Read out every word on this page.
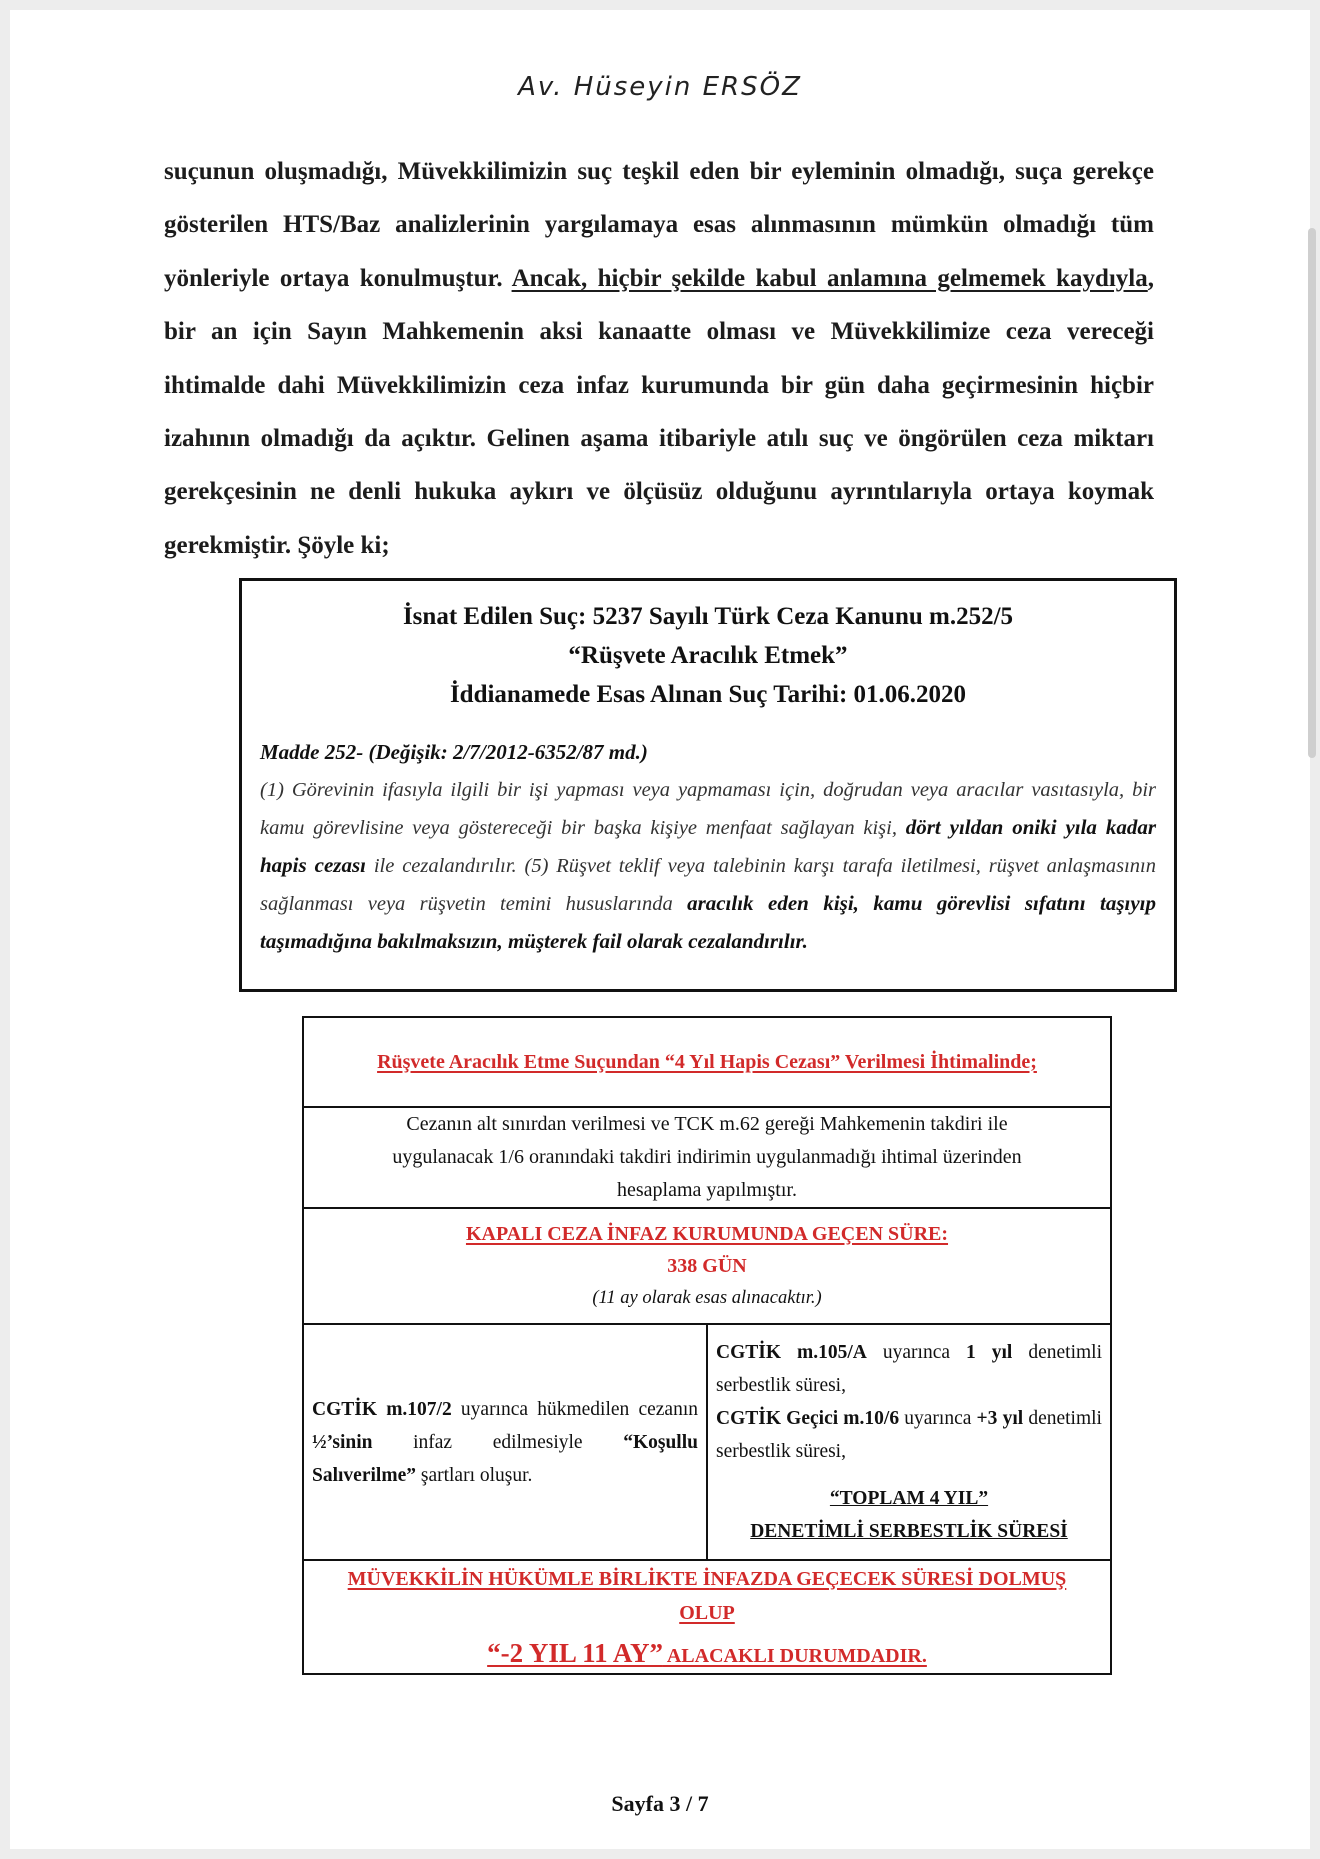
Av. Hüseyin ERSÖZ
suçunun oluşmadığı, Müvekkilimizin suç teşkil eden bir eyleminin olmadığı, suça gerekçe gösterilen HTS/Baz analizlerinin yargılamaya esas alınmasının mümkün olmadığı tüm yönleriyle ortaya konulmuştur. Ancak, hiçbir şekilde kabul anlamına gelmemek kaydıyla, bir an için Sayın Mahkemenin aksi kanaatte olması ve Müvekkilimize ceza vereceği ihtimalde dahi Müvekkilimizin ceza infaz kurumunda bir gün daha geçirmesinin hiçbir izahının olmadığı da açıktır. Gelinen aşama itibariyle atılı suç ve öngörülen ceza miktarı gerekçesinin ne denli hukuka aykırı ve ölçüsüz olduğunu ayrıntılarıyla ortaya koymak gerekmiştir. Şöyle ki;
İsnat Edilen Suç: 5237 Sayılı Türk Ceza Kanunu m.252/5
“Rüşvete Aracılık Etmek”
İddianamede Esas Alınan Suç Tarihi: 01.06.2020
Madde 252- (Değişik: 2/7/2012-6352/87 md.)
(1) Görevinin ifasıyla ilgili bir işi yapması veya yapmaması için, doğrudan veya aracılar vasıtasıyla, bir kamu görevlisine veya göstereceği bir başka kişiye menfaat sağlayan kişi, dört yıldan oniki yıla kadar hapis cezası ile cezalandırılır. (5) Rüşvet teklif veya talebinin karşı tarafa iletilmesi, rüşvet anlaşmasının sağlanması veya rüşvetin temini hususlarında aracılık eden kişi, kamu görevlisi sıfatını taşıyıp taşımadığına bakılmaksızın, müşterek fail olarak cezalandırılır.
Rüşvete Aracılık Etme Suçundan “4 Yıl Hapis Cezası” Verilmesi İhtimalinde;
Cezanın alt sınırdan verilmesi ve TCK m.62 gereği Mahkemenin takdiri ile uygulanacak 1/6 oranındaki takdiri indirimin uygulanmadığı ihtimal üzerinden hesaplama yapılmıştır.

KAPALI CEZA İNFAZ KURUMUNDA GEÇEN SÜRE:
338 GÜN
(11 ay olarak esas alınacaktır.)

CGTİK m.107/2 uyarınca hükmedilen cezanın ½’sinin infaz edilmesiyle “Koşullu Salıverilme” şartları oluşur.	CGTİK m.105/A uyarınca 1 yıl denetimli serbestlik süresi,
CGTİK Geçici m.10/6 uyarınca +3 yıl denetimli serbestlik süresi,
“TOPLAM 4 YIL”
DENETİMLİ SERBESTLİK SÜRESİ

MÜVEKKİLİN HÜKÜMLE BİRLİKTE İNFAZDA GEÇECEK SÜRESİ DOLMUŞ OLUP
“-2 YIL 11 AY” ALACAKLI DURUMDADIR.
Sayfa 3 / 7
